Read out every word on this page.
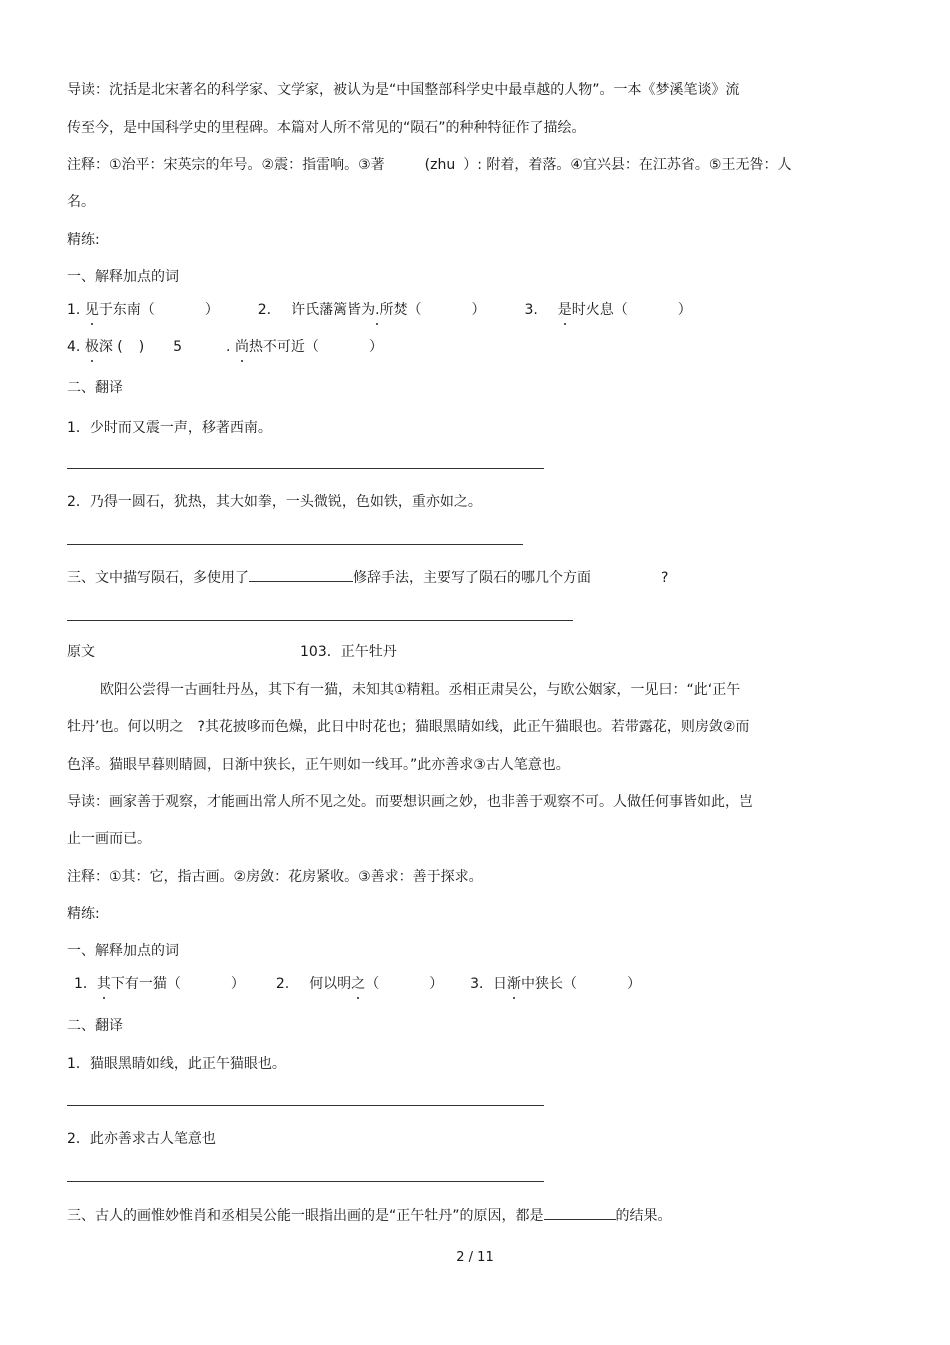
导读：沈括是北宋著名的科学家、文学家，被认为是“中国整部科学史中最卓越的人物”。一本《梦溪笔谈》流
传至今，是中国科学史的里程碑。本篇对人所不常见的“陨石”的种种特征作了描绘。
注释：①治平：宋英宗的年号。②震：指雷响。③著	(zhu ）: 附着，着落。④宜兴县：在江苏省。⑤王无咎：人
名。
精练:
一、解释加点的词
1. 见于东南（	）	2. 许氏藩篱皆为.所焚（	）	3. 是时火息（	）
4. 极深 ( ) 5	. 尚热不可近（	）
二、翻译
1．少时而又震一声，移著西南。
2．乃得一圆石，犹热，其大如拳，一头微锐，色如铁，重亦如之。
三、文中描写陨石，多使用了	修辞手法，主要写了陨石的哪几个方面	?
原文	103．正午牡丹
欧阳公尝得一古画牡丹丛，其下有一猫，未知其①精粗。丞相正肃吴公，与欧公姻家，一见曰：“此‘正午
牡丹’也。何以明之　?其花披哆而色燥，此日中时花也；猫眼黑睛如线，此正午猫眼也。若带露花，则房敛②而
色泽。猫眼早暮则睛圆，日渐中狭长，正午则如一线耳。”此亦善求③古人笔意也。
导读：画家善于观察，才能画出常人所不见之处。而要想识画之妙，也非善于观察不可。人做任何事皆如此，岂
止一画而已。
注释：①其：它，指古画。②房敛：花房紧收。③善求：善于探求。
精练:
一、解释加点的词
1．其下有一猫（	） 2. 何以明之（	） 3．日渐中狭长（	）
二、翻译
1．猫眼黑睛如线，此正午猫眼也。
2．此亦善求古人笔意也
三、古人的画惟妙惟肖和丞相吴公能一眼指出画的是“正午牡丹”的原因，都是	的结果。
2 / 11
